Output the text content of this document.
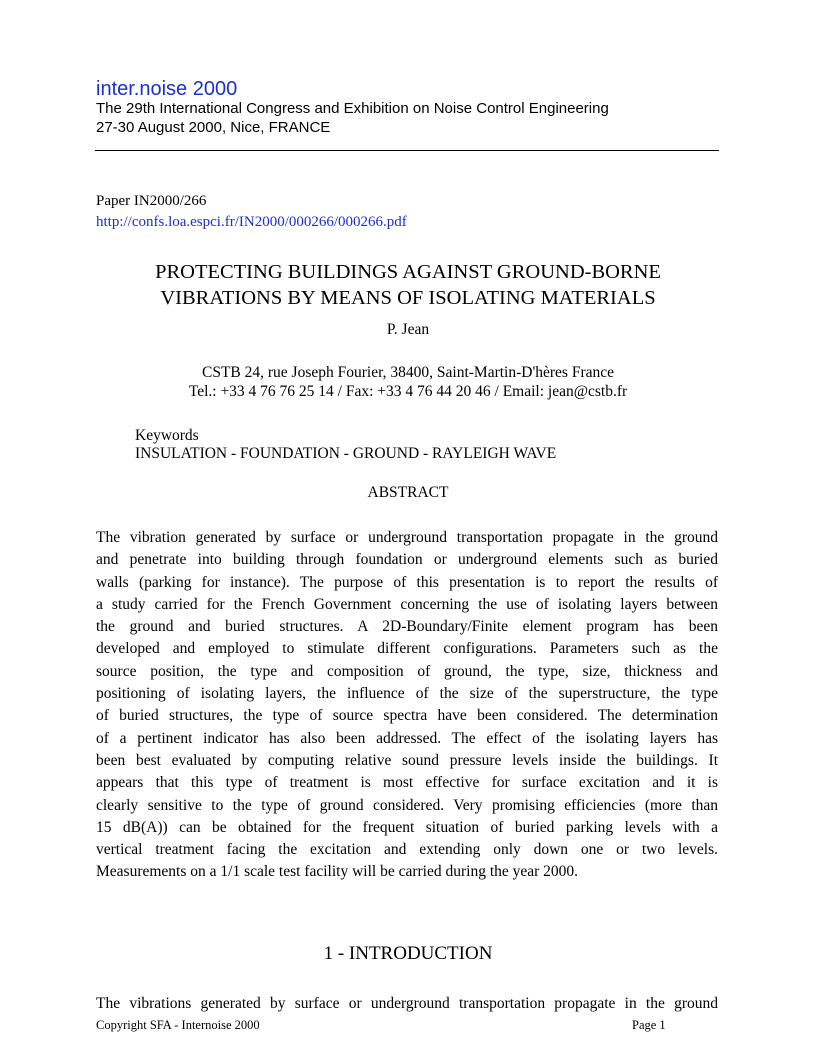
inter.noise 2000
The 29th International Congress and Exhibition on Noise Control Engineering
27-30 August 2000, Nice, FRANCE
Paper IN2000/266
http://confs.loa.espci.fr/IN2000/000266/000266.pdf
PROTECTING BUILDINGS AGAINST GROUND-BORNE
VIBRATIONS BY MEANS OF ISOLATING MATERIALS
P. Jean
CSTB 24, rue Joseph Fourier, 38400, Saint-Martin-D'hères France
Tel.: +33 4 76 76 25 14 / Fax: +33 4 76 44 20 46 / Email: jean@cstb.fr
Keywords
INSULATION - FOUNDATION - GROUND - RAYLEIGH WAVE
ABSTRACT
The vibration generated by surface or underground transportation propagate in the ground
and penetrate into building through foundation or underground elements such as buried
walls (parking for instance). The purpose of this presentation is to report the results of
a study carried for the French Government concerning the use of isolating layers between
the ground and buried structures. A 2D-Boundary/Finite element program has been
developed and employed to stimulate different configurations. Parameters such as the
source position, the type and composition of ground, the type, size, thickness and
positioning of isolating layers, the influence of the size of the superstructure, the type
of buried structures, the type of source spectra have been considered. The determination
of a pertinent indicator has also been addressed. The effect of the isolating layers has
been best evaluated by computing relative sound pressure levels inside the buildings. It
appears that this type of treatment is most effective for surface excitation and it is
clearly sensitive to the type of ground considered. Very promising efficiencies (more than
15 dB(A)) can be obtained for the frequent situation of buried parking levels with a
vertical treatment facing the excitation and extending only down one or two levels.
Measurements on a 1/1 scale test facility will be carried during the year 2000.
1 - INTRODUCTION
The vibrations generated by surface or underground transportation propagate in the ground
Copyright SFA - Internoise 2000	Page 1
